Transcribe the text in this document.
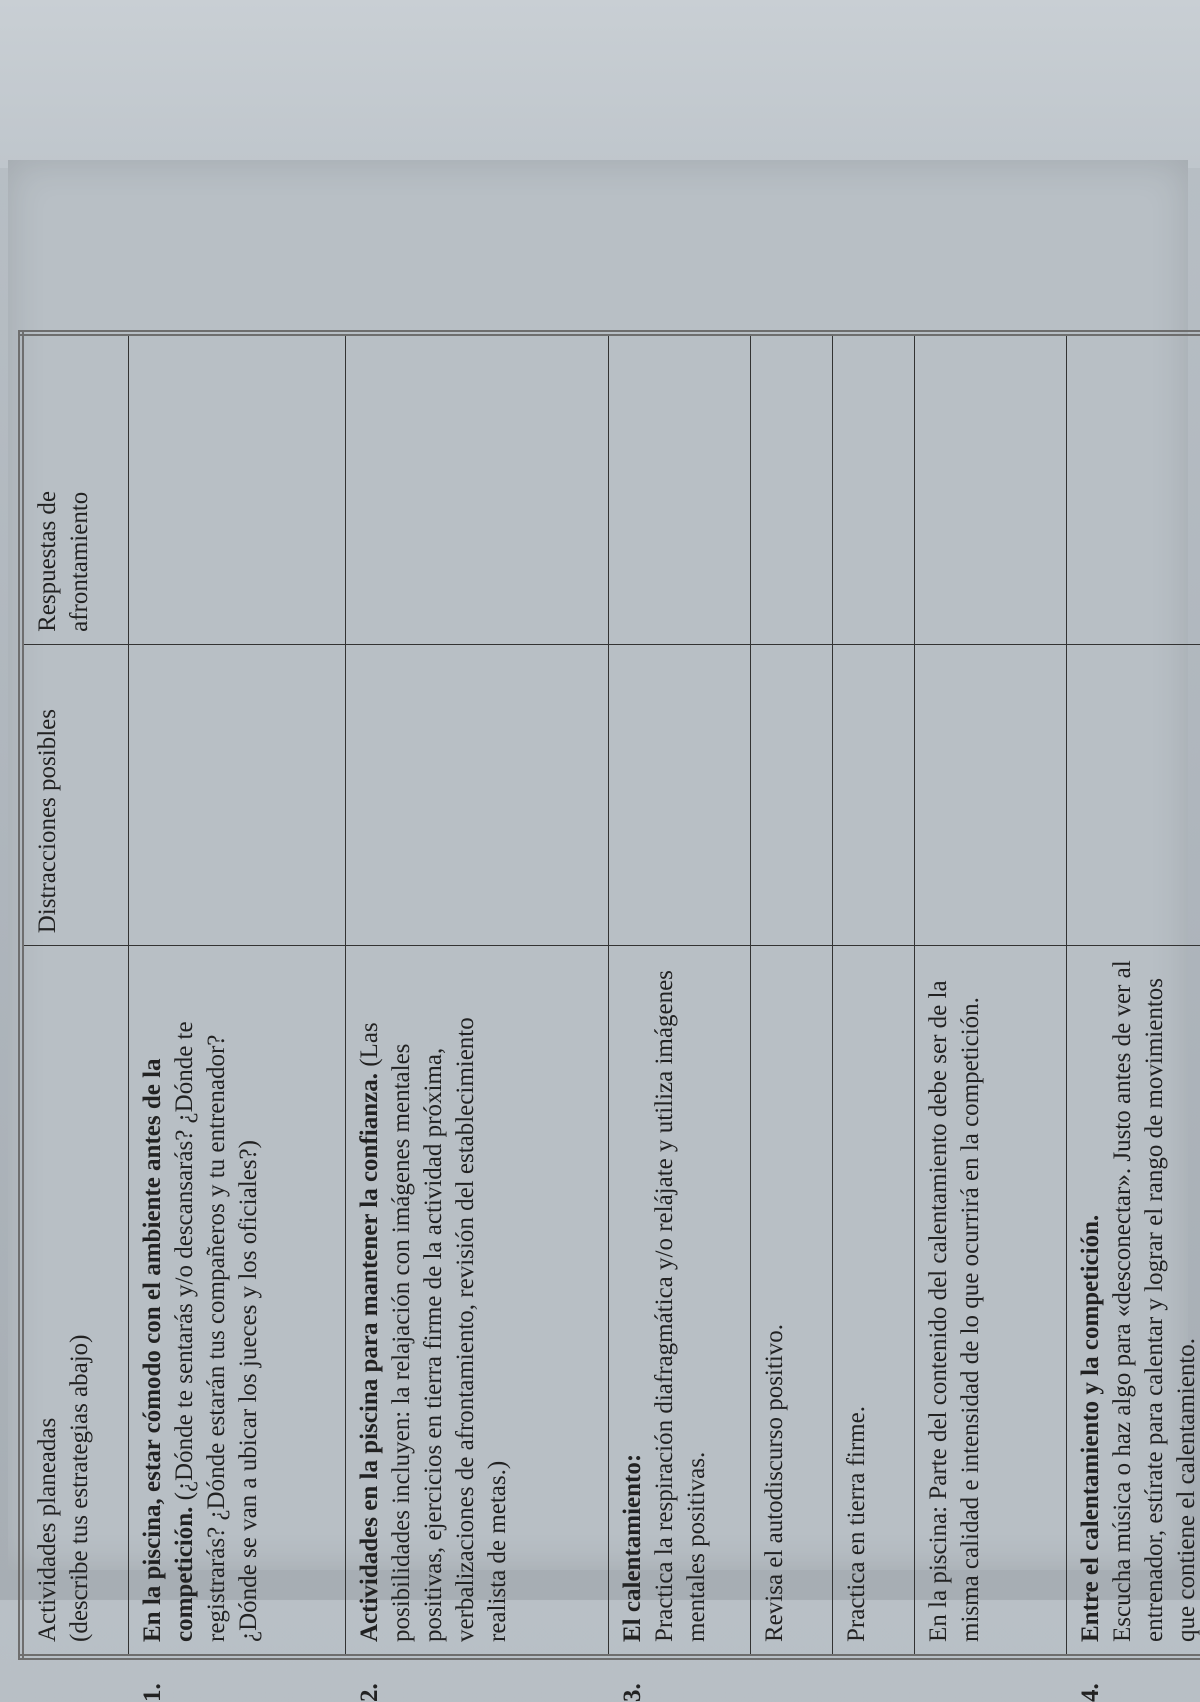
Actividades planeadas (describe tus estrategias abajo)	Distracciones posibles	Respuestas de afrontamiento
1.En la piscina, estar cómodo con el ambiente antes de la competición. (¿Dónde te sentarás y/o descansarás? ¿Dónde te registrarás? ¿Dónde estarán tus compañeros y tu entrenador? ¿Dónde se van a ubicar los jueces y los oficiales?)		
2.Actividades en la piscina para mantener la confianza. (Las posibilidades incluyen: la relajación con imágenes mentales positivas, ejercicios en tierra firme de la actividad próxima, verbalizaciones de afrontamiento, revisión del establecimiento realista de metas.)		
3.El calentamiento: Practica la respiración diafragmática y/o relájate y utiliza imágenes mentales positivas.		
Revisa el autodiscurso positivo.		
Practica en tierra firme.		
En la piscina: Parte del contenido del calentamiento debe ser de la misma calidad e intensidad de lo que ocurrirá en la competición.		
4.Entre el calentamiento y la competición. Escucha música o haz algo para «desconectar». Justo antes de ver al entrenador, estírate para calentar y lograr el rango de movimientos que contiene el calentamiento.		
